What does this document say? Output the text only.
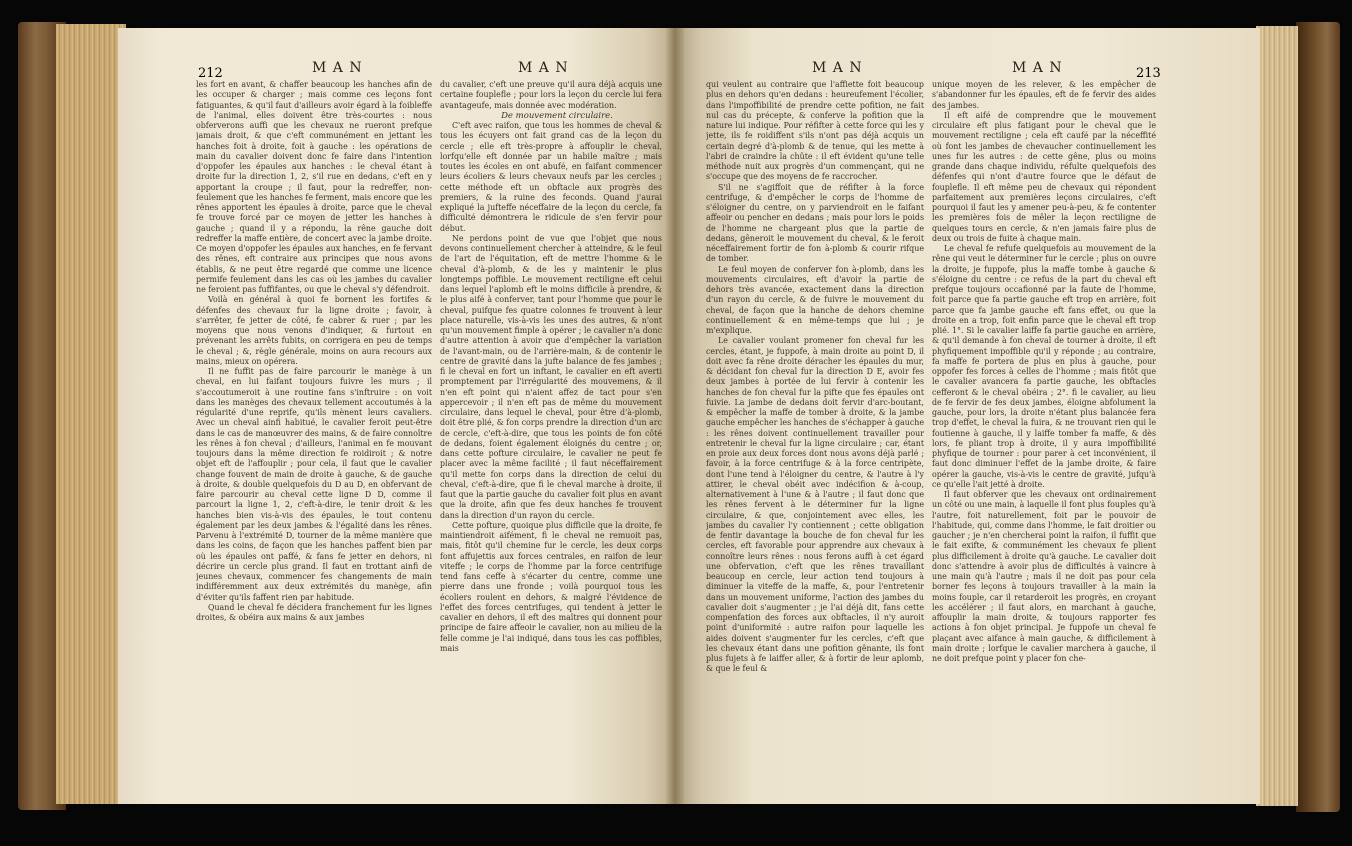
212	M A N	M A N

les fort en avant, & chaffer beaucoup les hanches afin de les occuper & charger ; mais comme ces leçons font fatiguantes, & qu'il faut d'ailleurs avoir égard à la foibleffe de l'animal, elles doivent être très-courtes : nous obferverons auffi que les chevaux ne rueront prefque jamais droit, & que c'eft communément en jettant les hanches foit à droite, foit à gauche : les opérations de main du cavalier doivent donc fe faire dans l'intention d'oppofer les épaules aux hanches : le cheval étant à droite fur la direction 1, 2, s'il rue en dedans, c'eft en y apportant la croupe ; il faut, pour la redreffer, non-feulement que les hanches fe ferment, mais encore que les rênes apportent les épaules à droite, parce que le cheval fe trouve forcé par ce moyen de jetter les hanches à gauche ; quand il y a répondu, la rêne gauche doit redreffer la maffe entière, de concert avec la jambe droite. Ce moyen d'oppofer les épaules aux hanches, en fe fervant des rênes, eft contraire aux principes que nous avons établis, & ne peut être regardé que comme une licence permife feulement dans les cas où les jambes du cavalier ne feroient pas fuffifantes, ou que le cheval s'y défendroit.

Voilà en général à quoi fe bornent les fortifes & défenfes des chevaux fur la ligne droite ; favoir, à s'arrêter, fe jetter de côté, fe cabrer & ruer ; par les moyens que nous venons d'indiquer, & furtout en prévenant les arrêts fubits, on corrigera en peu de temps le cheval ; &, règle générale, moins on aura recours aux mains, mieux on opérera.

Il ne fuffit pas de faire parcourir le manège à un cheval, en lui faifant toujours fuivre les murs ; il s'accoutumeroit à une routine fans s'inftruire : on voit dans les manèges des chevaux tellement accoutumés à la régularité d'une reprife, qu'ils mènent leurs cavaliers. Avec un cheval ainfi habitué, le cavalier feroit peut-être dans le cas de manœuvrer des mains, & de faire connoître les rênes à fon cheval ; d'ailleurs, l'animal en fe mouvant toujours dans la même direction fe roidiroit ; & notre objet eft de l'affouplir ; pour cela, il faut que le cavalier change fouvent de main de droite à gauche, & de gauche à droite, & double quelquefois du D au D, en obfervant de faire parcourir au cheval cette ligne D D, comme il parcourt la ligne 1, 2, c'eft-à-dire, le tenir droit & les hanches bien vis-à-vis des épaules, le tout contenu également par les deux jambes & l'égalité dans les rênes. Parvenu à l'extrémité D, tourner de la même manière que dans les coins, de façon que les hanches paffent bien par où les épaules ont paffé, & fans fe jetter en dehors, ni décrire un cercle plus grand. Il faut en trottant ainfi de jeunes chevaux, commencer fes changements de main indifféremment aux deux extrémités du manège, afin d'éviter qu'ils faffent rien par habitude.

Quand le cheval fe décidera franchement fur les lignes droites, & obéira aux mains & aux jambes

du cavalier, c'eft une preuve qu'il aura déjà acquis une certaine fouplefle ; pour lors la leçon du cercle lui fera avantageufe, mais donnée avec modération.

De mouvement circulaire.

C'eft avec raifon, que tous les hommes de cheval & tous les écuyers ont fait grand cas de la leçon du cercle ; elle eft très-propre à affouplir le cheval, lorfqu'elle eft donnée par un habile maître ; mais toutes les écoles en ont abufé, en faifant commencer leurs écoliers & leurs chevaux neufs par les cercles ; cette méthode eft un obftacle aux progrès des premiers, & la ruine des feconds. Quand j'aurai expliqué la jufteffe néceffaire de la leçon du cercle, fa difficulté démontrera le ridicule de s'en fervir pour début.

Ne perdons point de vue que l'objet que nous devons continuellement chercher à atteindre, & le feul de l'art de l'équitation, eft de mettre l'homme & le cheval d'à-plomb, & de les y maintenir le plus longtemps poffible. Le mouvement rectiligne eft celui dans lequel l'aplomb eft le moins difficile à prendre, & le plus aifé à conferver, tant pour l'homme que pour le cheval, puifque fes quatre colonnes fe trouvent à leur place naturelle, vis-à-vis les unes des autres, & n'ont qu'un mouvement fimple à opérer ; le cavalier n'a donc d'autre attention à avoir que d'empêcher la variation de l'avant-main, ou de l'arrière-main, & de contenir le centre de gravité dans la jufte balance de fes jambes ; fi le cheval en fort un inftant, le cavalier en eft averti promptement par l'irrégularité des mouvemens, & il n'en eft point qui n'aient affez de tact pour s'en appercevoir ; il n'en eft pas de même du mouvement circulaire, dans lequel le cheval, pour être d'à-plomb, doit être plié, & fon corps prendre la direction d'un arc de cercle, c'eft-à-dire, que tous les points de fon côté de dedans, foient également éloignés du centre ; or, dans cette pofture circulaire, le cavalier ne peut fe placer avec la même facilité ; il faut néceffairement qu'il mette fon corps dans la direction de celui du cheval, c'eft-à-dire, que fi le cheval marche à droite, il faut que la partie gauche du cavalier foit plus en avant que la droite, afin que fes deux hanches fe trouvent dans la direction d'un rayon du cercle.

Cette pofture, quoique plus difficile que la droite, fe maintiendroit aifément, fi le cheval ne remuoit pas, mais, fitôt qu'il chemine fur le cercle, les deux corps font affujettis aux forces centrales, en raifon de leur viteffe ; le corps de l'homme par la force centrifuge tend fans ceffe à s'écarter du centre, comme une pierre dans une fronde ; voilà pourquoi tous les écoliers roulent en dehors, & malgré l'évidence de l'effet des forces centrifuges, qui tendent à jetter le cavalier en dehors, il eft des maîtres qui donnent pour principe de faire affeoir le cavalier, non au milieu de la felle comme je l'ai indiqué, dans tous les cas poffibles, mais

M A N	M A N	213

qui veulent au contraire que l'affiette foit beaucoup plus en dehors qu'en dedans : heureufement l'écolier, dans l'impoffibilité de prendre cette pofition, ne fait nul cas du précepte, & conferve la pofition que la nature lui indique. Pour réfifter à cette force qui les y jette, ils fe roidiffent s'ils n'ont pas déjà acquis un certain degré d'à-plomb & de tenue, qui les mette à l'abri de craindre la chûte : il eft évident qu'une telle méthode nuit aux progrès d'un commençant, qui ne s'occupe que des moyens de fe raccrocher.

S'il ne s'agiffoit que de réfifter à la force centrifuge, & d'empêcher le corps de l'homme de s'éloigner du centre, on y parviendroit en le faifant affeoir ou pencher en dedans ; mais pour lors le poids de l'homme ne chargeant plus que la partie de dedans, gêneroit le mouvement du cheval, & le feroit néceffairement fortir de fon à-plomb & courir rifque de tomber.

Le feul moyen de conferver fon à-plomb, dans les mouvements circulaires, eft d'avoir la partie de dehors très avancée, exactement dans la direction d'un rayon du cercle, & de fuivre le mouvement du cheval, de façon que la hanche de dehors chemine continuellement & en même-temps que lui ; je m'explique.

Le cavalier voulant promener fon cheval fur les cercles, étant, je fuppofe, à main droite au point D, il doit avec fa rêne droite déracher les épaules du mur, & décidant fon cheval fur la direction D E, avoir fes deux jambes à portée de lui fervir à contenir les hanches de fon cheval fur la pifte que fes épaules ont fuivie. La jambe de dedans doit fervir d'arc-boutant, & empêcher la maffe de tomber à droite, & la jambe gauche empêcher les hanches de s'échapper à gauche : les rênes doivent continuellement travailler pour entretenir le cheval fur la ligne circulaire ; car, étant en proie aux deux forces dont nous avons déjà parlé ; favoir, à la force centrifuge & à la force centripète, dont l'une tend à l'éloigner du centre, & l'autre à l'y attirer, le cheval obéit avec indécifion & à-coup, alternativement à l'une & à l'autre ; il faut donc que les rênes fervent à le déterminer fur la ligne circulaire, & que, conjointement avec elles, les jambes du cavalier l'y contiennent ; cette obligation de fentir davantage la bouche de fon cheval fur les cercles, eft favorable pour apprendre aux chevaux à connoître leurs rênes : nous ferons auffi à cet égard une obfervation, c'eft que les rênes travaillant beaucoup en cercle, leur action tend toujours à diminuer la viteffe de la maffe, &, pour l'entretenir dans un mouvement uniforme, l'action des jambes du cavalier doit s'augmenter ; je l'ai déjà dit, fans cette compenfation des forces aux obftacles, il n'y auroit point d'uniformité : autre raifon pour laquelle les aides doivent s'augmenter fur les cercles, c'eft que les chevaux étant dans une pofition gênante, ils font plus fujets à fe laiffer aller, & à fortir de leur aplomb, & que le feul &

unique moyen de les relever, & les empêcher de s'abandonner fur les épaules, eft de fe fervir des aides des jambes.

Il eft aifé de comprendre que le mouvement circulaire eft plus fatigant pour le cheval que le mouvement rectiligne ; cela eft caufé par la néceffité où font les jambes de chevaucher continuellement les unes fur les autres : de cette gêne, plus ou moins grande dans chaque individu, réfulte quelquefois des défenfes qui n'ont d'autre fource que le défaut de fouplefle. Il eft même peu de chevaux qui répondent parfaitement aux premières leçons circulaires, c'eft pourquoi il faut les y amener peu-à-peu, & fe contenter les premières fois de mêler la leçon rectiligne de quelques tours en cercle, & n'en jamais faire plus de deux ou trois de fuite à chaque main.

Le cheval fe refufe quelquefois au mouvement de la rêne qui veut le déterminer fur le cercle ; plus on ouvre la droite, je fuppofe, plus la maffe tombe à gauche & s'éloigne du centre : ce refus de la part du cheval eft prefque toujours occafionné par la faute de l'homme, foit parce que fa partie gauche eft trop en arrière, foit parce que fa jambe gauche eft fans effet, ou que la droite en a trop, foit enfin parce que le cheval eft trop plié. 1°. Si le cavalier laiffe fa partie gauche en arrière, & qu'il demande à fon cheval de tourner à droite, il eft phyfiquement impoffible qu'il y réponde ; au contraire, fa maffe fe portera de plus en plus à gauche, pour oppofer fes forces à celles de l'homme ; mais fitôt que le cavalier avancera fa partie gauche, les obftacles cefferont & le cheval obéira ; 2°. fi le cavalier, au lieu de fe fervir de fes deux jambes, éloigne abfolument la gauche, pour lors, la droite n'étant plus balancée fera trop d'effet, le cheval la fuira, & ne trouvant rien qui le foutienne à gauche, il y laiffe tomber fa maffe, & dès lors, fe pliant trop à droite, il y aura impoffibilité phyfique de tourner : pour parer à cet inconvénient, il faut donc diminuer l'effet de la jambe droite, & faire opérer la gauche, vis-à-vis le centre de gravité, jufqu'à ce qu'elle l'ait jetté à droite.

Il faut obferver que les chevaux ont ordinairement un côté ou une main, à laquelle il font plus fouples qu'à l'autre, foit naturellement, foit par le pouvoir de l'habitude, qui, comme dans l'homme, le fait droitier ou gaucher ; je n'en chercherai point la raifon, il fuffit que le fait exifte, & communément les chevaux fe plient plus difficilement à droite qu'à gauche. Le cavalier doit donc s'attendre à avoir plus de difficultés à vaincre à une main qu'à l'autre ; mais il ne doit pas pour cela borner fes leçons à toujours travailler à la main la moins fouple, car il retarderoit les progrès, en croyant les accélérer ; il faut alors, en marchant à gauche, affouplir la main droite, & toujours rapporter fes actions à fon objet principal. Je fuppofe un cheval fe plaçant avec aifance à main gauche, & difficilement à main droite ; lorfque le cavalier marchera à gauche, il ne doit prefque point y placer fon che-
